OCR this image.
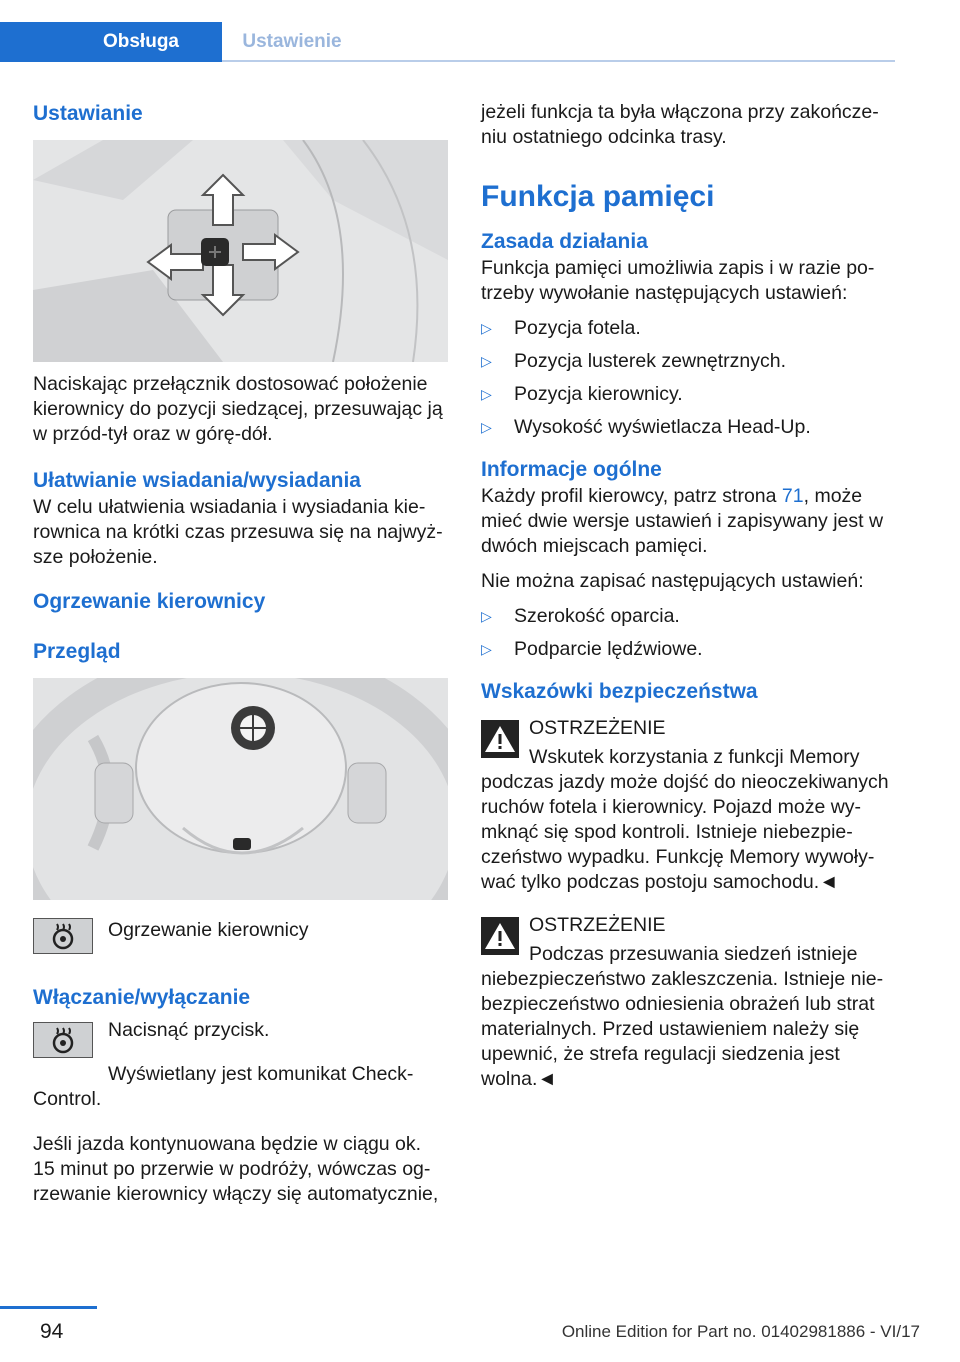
Obsługa	Ustawienie
Ustawianie

Naciskając przełącznik dostosować położenie kierownicy do pozycji siedzącej, przesuwając ją w przód-tył oraz w górę-dół.

Ułatwianie wsiadania/wysiadania

W celu ułatwienia wsiadania i wysiadania kierownica na krótki czas przesuwa się na najwyższe położenie.

Ogrzewanie kierownicy
Przegląd

Ogrzewanie kierownicy

Włączanie/wyłączanie

Nacisnąć przycisk.

Wyświetlany jest komunikat Check-Control.

Jeśli jazda kontynuowana będzie w ciągu ok. 15 minut po przerwie w podróży, wówczas ogrzewanie kierownicy włączy się automatycznie,

jeżeli funkcja ta była włączona przy zakończeniu ostatniego odcinka trasy.

Funkcja pamięci
Zasada działania

Funkcja pamięci umożliwia zapis i w razie potrzeby wywołanie następujących ustawień:

▷ Pozycja fotela.
▷ Pozycja lusterek zewnętrznych.
▷ Pozycja kierownicy.
▷ Wysokość wyświetlacza Head-Up.
Informacje ogólne

Każdy profil kierowcy, patrz strona 71, może mieć dwie wersje ustawień i zapisywany jest w dwóch miejscach pamięci.

Nie można zapisać następujących ustawień:

▷ Szerokość oparcia.
▷ Podparcie lędźwiowe.
Wskazówki bezpieczeństwa

OSTRZEŻENIE

Wskutek korzystania z funkcji Memory podczas jazdy może dojść do nieoczekiwanych ruchów fotela i kierownicy. Pojazd może wymknąć się spod kontroli. Istnieje niebezpieczeństwo wypadku. Funkcję Memory wywoływać tylko podczas postoju samochodu.◄

OSTRZEŻENIE

Podczas przesuwania siedzeń istnieje niebezpieczeństwo zakleszczenia. Istnieje niebezpieczeństwo odniesienia obrażeń lub strat materialnych. Przed ustawieniem należy się upewnić, że strefa regulacji siedzenia jest wolna.◄

94	Online Edition for Part no. 01402981886 - VI/17
